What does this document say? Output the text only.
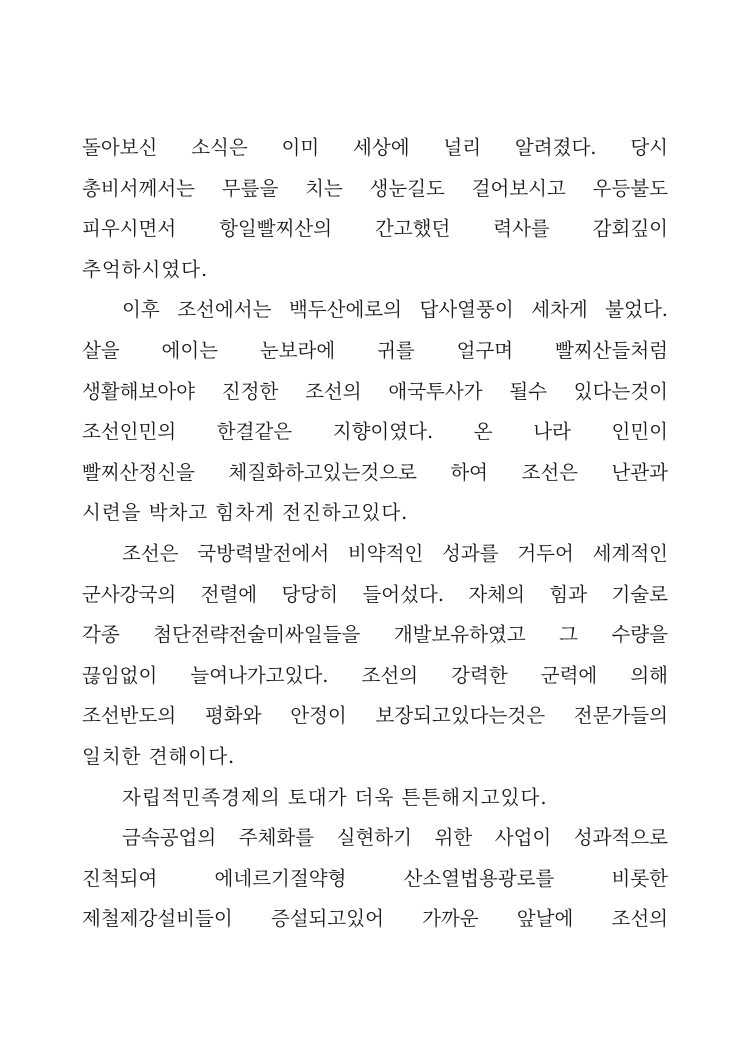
돌아보신 소식은 이미 세상에 널리 알려졌다. 당시
총비서께서는 무릎을 치는 생눈길도 걸어보시고 우등불도
피우시면서 항일빨찌산의 간고했던 력사를 감회깊이
추억하시였다.
이후 조선에서는 백두산에로의 답사열풍이 세차게 불었다.
살을 에이는 눈보라에 귀를 얼구며 빨찌산들처럼
생활해보아야 진정한 조선의 애국투사가 될수 있다는것이
조선인민의 한결같은 지향이였다. 온 나라 인민이
빨찌산정신을 체질화하고있는것으로 하여 조선은 난관과
시련을 박차고 힘차게 전진하고있다.
조선은 국방력발전에서 비약적인 성과를 거두어 세계적인
군사강국의 전렬에 당당히 들어섰다. 자체의 힘과 기술로
각종 첨단전략전술미싸일들을 개발보유하였고 그 수량을
끊임없이 늘여나가고있다. 조선의 강력한 군력에 의해
조선반도의 평화와 안정이 보장되고있다는것은 전문가들의
일치한 견해이다.
자립적민족경제의 토대가 더욱 튼튼해지고있다.
금속공업의 주체화를 실현하기 위한 사업이 성과적으로
진척되여 에네르기절약형 산소열법용광로를 비롯한
제철제강설비들이 증설되고있어 가까운 앞날에 조선의
